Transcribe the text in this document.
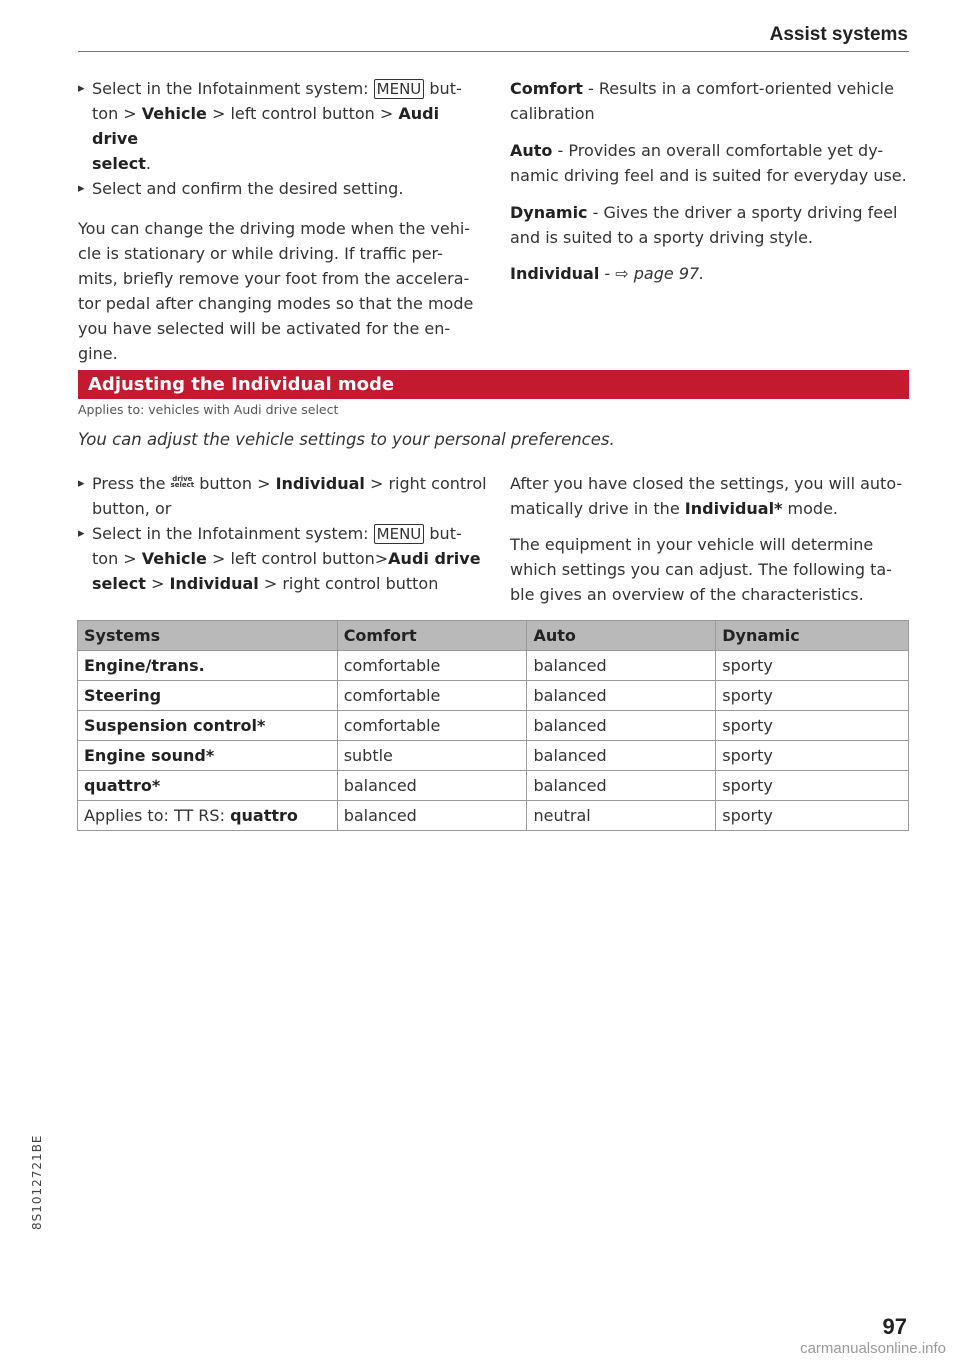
Assist systems

▸ Select in the Infotainment system: MENU but-
ton > Vehicle > left control button > Audi drive
select.

▸ Select and confirm the desired setting.

You can change the driving mode when the vehi-
cle is stationary or while driving. If traffic per-
mits, briefly remove your foot from the accelera-
tor pedal after changing modes so that the mode
you have selected will be activated for the en-
gine.

Comfort - Results in a comfort-oriented vehicle
calibration

Auto - Provides an overall comfortable yet dy-
namic driving feel and is suited for everyday use.

Dynamic - Gives the driver a sporty driving feel
and is suited to a sporty driving style.

Individual - ⇨ page 97.

Adjusting the Individual mode
Applies to: vehicles with Audi drive select
You can adjust the vehicle settings to your personal preferences.

▸ Press the drive
select button > Individual > right control
button, or

▸ Select in the Infotainment system: MENU but-
ton > Vehicle > left control button>Audi drive
select > Individual > right control button

After you have closed the settings, you will auto-
matically drive in the Individual* mode.

The equipment in your vehicle will determine
which settings you can adjust. The following ta-
ble gives an overview of the characteristics.

Systems	Comfort	Auto	Dynamic
Engine/trans.	comfortable	balanced	sporty
Steering	comfortable	balanced	sporty
Suspension control*	comfortable	balanced	sporty
Engine sound*	subtle	balanced	sporty
quattro*	balanced	balanced	sporty
Applies to: TT RS: quattro	balanced	neutral	sporty
8S1012721BE
97
carmanualsonline.info
